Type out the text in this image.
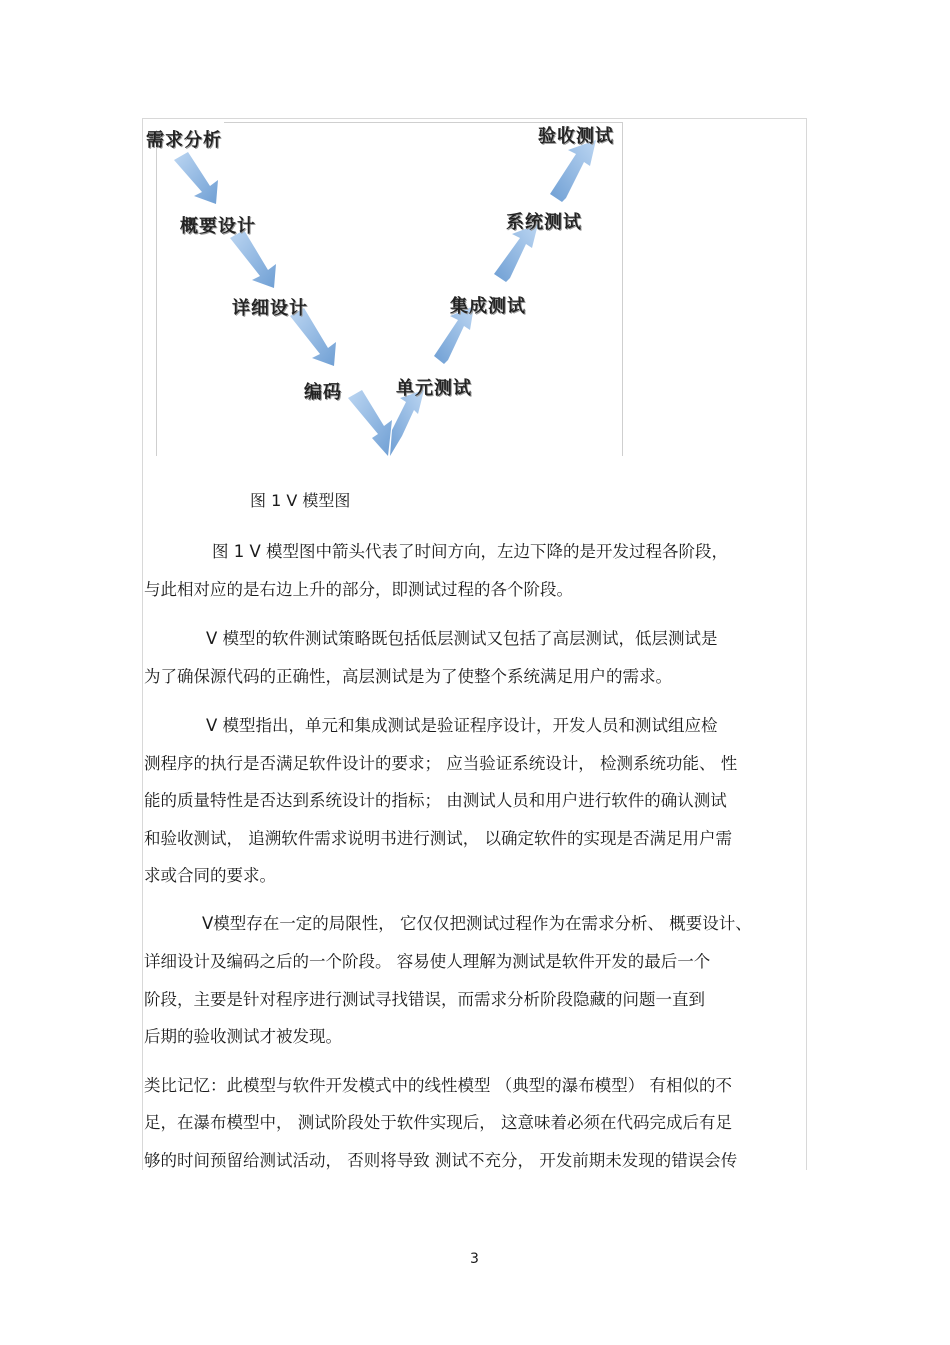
需求分析
概要设计
详细设计
编码	单元测试
集成测试
系统测试
验收测试
图 1 V 模型图
图 1 V 模型图中箭头代表了时间方向，左边下降的是开发过程各阶段，
与此相对应的是右边上升的部分，即测试过程的各个阶段。
V 模型的软件测试策略既包括低层测试又包括了高层测试，低层测试是
为了确保源代码的正确性，高层测试是为了使整个系统满足用户的需求。
V 模型指出，单元和集成测试是验证程序设计，开发人员和测试组应检
测程序的执行是否满足软件设计的要求； 应当验证系统设计， 检测系统功能、 性
能的质量特性是否达到系统设计的指标； 由测试人员和用户进行软件的确认测试
和验收测试， 追溯软件需求说明书进行测试， 以确定软件的实现是否满足用户需
求或合同的要求。
V模型存在一定的局限性， 它仅仅把测试过程作为在需求分析、 概要设计、
详细设计及编码之后的一个阶段。 容易使人理解为测试是软件开发的最后一个
阶段，主要是针对程序进行测试寻找错误，而需求分析阶段隐藏的问题一直到
后期的验收测试才被发现。
类比记忆：此模型与软件开发模式中的线性模型 （典型的瀑布模型） 有相似的不
足，在瀑布模型中， 测试阶段处于软件实现后， 这意味着必须在代码完成后有足
够的时间预留给测试活动， 否则将导致 测试不充分， 开发前期未发现的错误会传
3
